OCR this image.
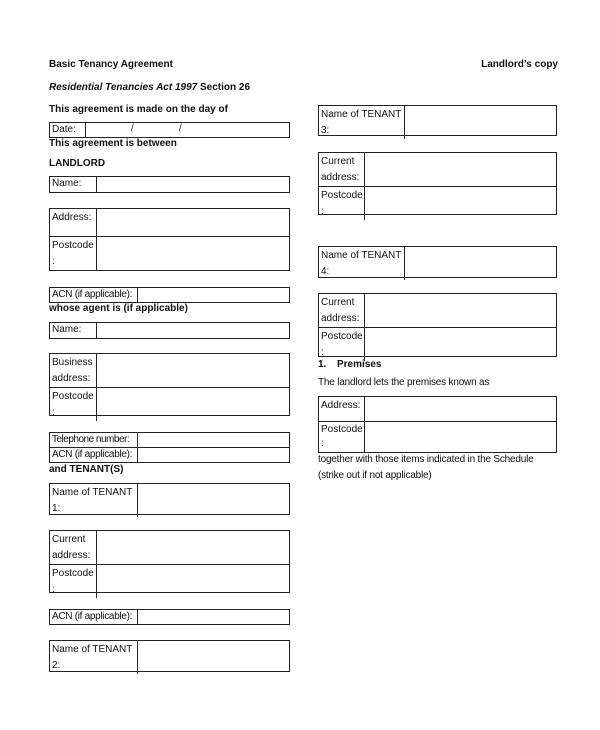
Basic Tenancy Agreement	Landlord’s copy
Residential Tenancies Act 1997 Section 26
This agreement is made on the day of
Date:	/	/
This agreement is between
LANDLORD
Name:
Address:
Postcode
:
ACN (if applicable):
whose agent is (if applicable)
Name:
Business address:
Postcode
:
Telephone number:
ACN (if applicable):
and TENANT(S)
Name of TENANT 1:
Current address:
Postcode
:
ACN (if applicable):
Name of TENANT 2:
Name of TENANT 3:
Current address:
Postcode
:
Name of TENANT 4:
Current address:
Postcode
:
1. Premises
The landlord lets the premises known as
Address:
Postcode
:
together with those items indicated in the Schedule
(strike out if not applicable)
